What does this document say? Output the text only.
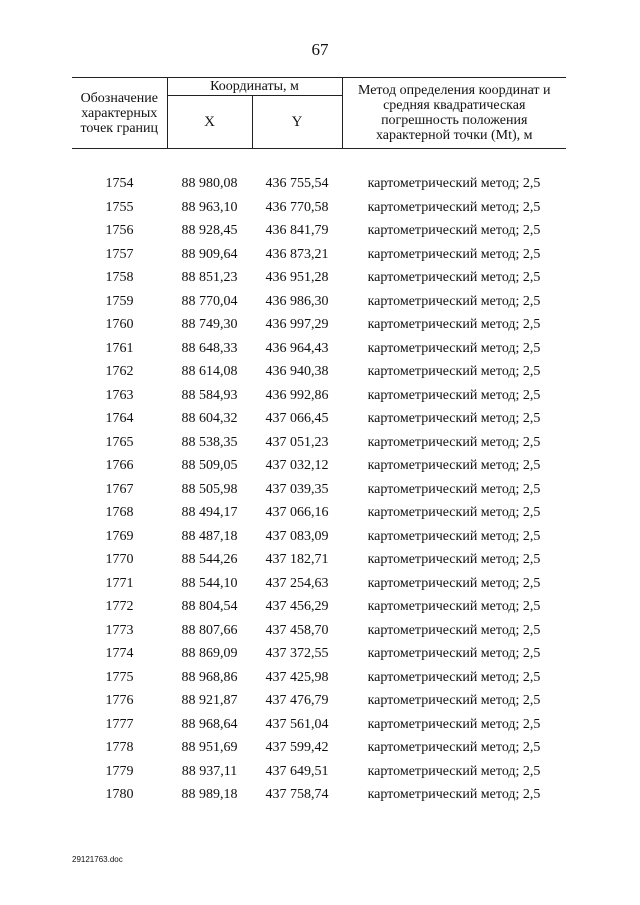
67
Обозначение характерных точек границ	Координаты, м		Метод определения координат и средняя квадратическая погрешность положения характерной точки (Mt), м
	X	Y	

1754	88 980,08	436 755,54	картометрический метод; 2,5
1755	88 963,10	436 770,58	картометрический метод; 2,5
1756	88 928,45	436 841,79	картометрический метод; 2,5
1757	88 909,64	436 873,21	картометрический метод; 2,5
1758	88 851,23	436 951,28	картометрический метод; 2,5
1759	88 770,04	436 986,30	картометрический метод; 2,5
1760	88 749,30	436 997,29	картометрический метод; 2,5
1761	88 648,33	436 964,43	картометрический метод; 2,5
1762	88 614,08	436 940,38	картометрический метод; 2,5
1763	88 584,93	436 992,86	картометрический метод; 2,5
1764	88 604,32	437 066,45	картометрический метод; 2,5
1765	88 538,35	437 051,23	картометрический метод; 2,5
1766	88 509,05	437 032,12	картометрический метод; 2,5
1767	88 505,98	437 039,35	картометрический метод; 2,5
1768	88 494,17	437 066,16	картометрический метод; 2,5
1769	88 487,18	437 083,09	картометрический метод; 2,5
1770	88 544,26	437 182,71	картометрический метод; 2,5
1771	88 544,10	437 254,63	картометрический метод; 2,5
1772	88 804,54	437 456,29	картометрический метод; 2,5
1773	88 807,66	437 458,70	картометрический метод; 2,5
1774	88 869,09	437 372,55	картометрический метод; 2,5
1775	88 968,86	437 425,98	картометрический метод; 2,5
1776	88 921,87	437 476,79	картометрический метод; 2,5
1777	88 968,64	437 561,04	картометрический метод; 2,5
1778	88 951,69	437 599,42	картометрический метод; 2,5
1779	88 937,11	437 649,51	картометрический метод; 2,5
1780	88 989,18	437 758,74	картометрический метод; 2,5
29121763.doc
